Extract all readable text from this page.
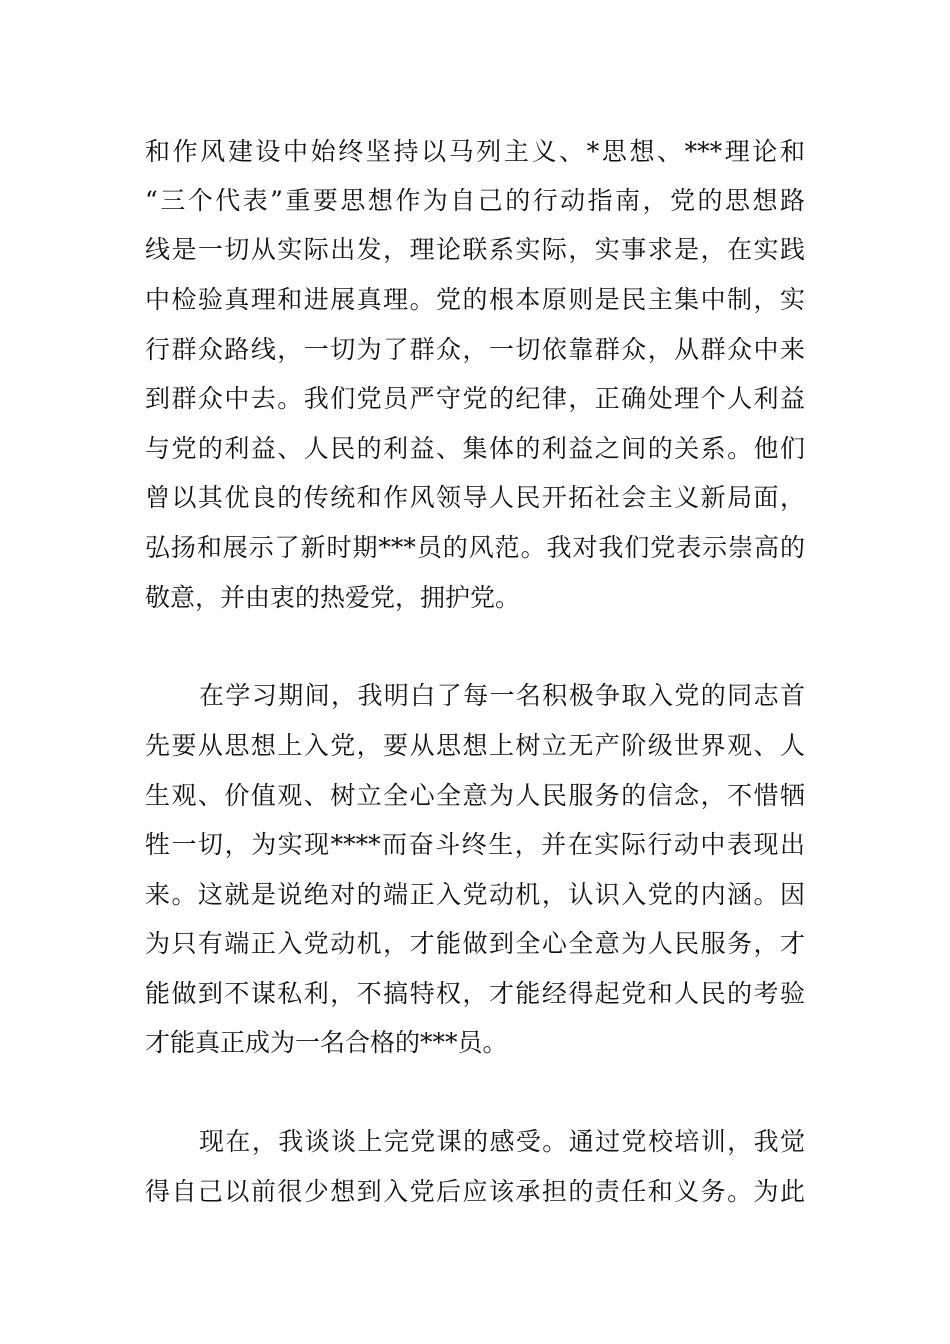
和作风建设中始终坚持以马列主义、*思想、***理论和
“三个代表”重要思想作为自己的行动指南，党的思想路
线是一切从实际出发，理论联系实际，实事求是，在实践
中检验真理和进展真理。党的根本原则是民主集中制，实
行群众路线，一切为了群众，一切依靠群众，从群众中来
到群众中去。我们党员严守党的纪律，正确处理个人利益
与党的利益、人民的利益、集体的利益之间的关系。他们
曾以其优良的传统和作风领导人民开拓社会主义新局面，
弘扬和展示了新时期***员的风范。我对我们党表示崇高的
敬意，并由衷的热爱党，拥护党。
在学习期间，我明白了每一名积极争取入党的同志首
先要从思想上入党，要从思想上树立无产阶级世界观、人
生观、价值观、树立全心全意为人民服务的信念，不惜牺
牲一切，为实现****而奋斗终生，并在实际行动中表现出
来。这就是说绝对的端正入党动机，认识入党的内涵。因
为只有端正入党动机，才能做到全心全意为人民服务，才
能做到不谋私利，不搞特权，才能经得起党和人民的考验
才能真正成为一名合格的***员。
现在，我谈谈上完党课的感受。通过党校培训，我觉
得自己以前很少想到入党后应该承担的责任和义务。为此
